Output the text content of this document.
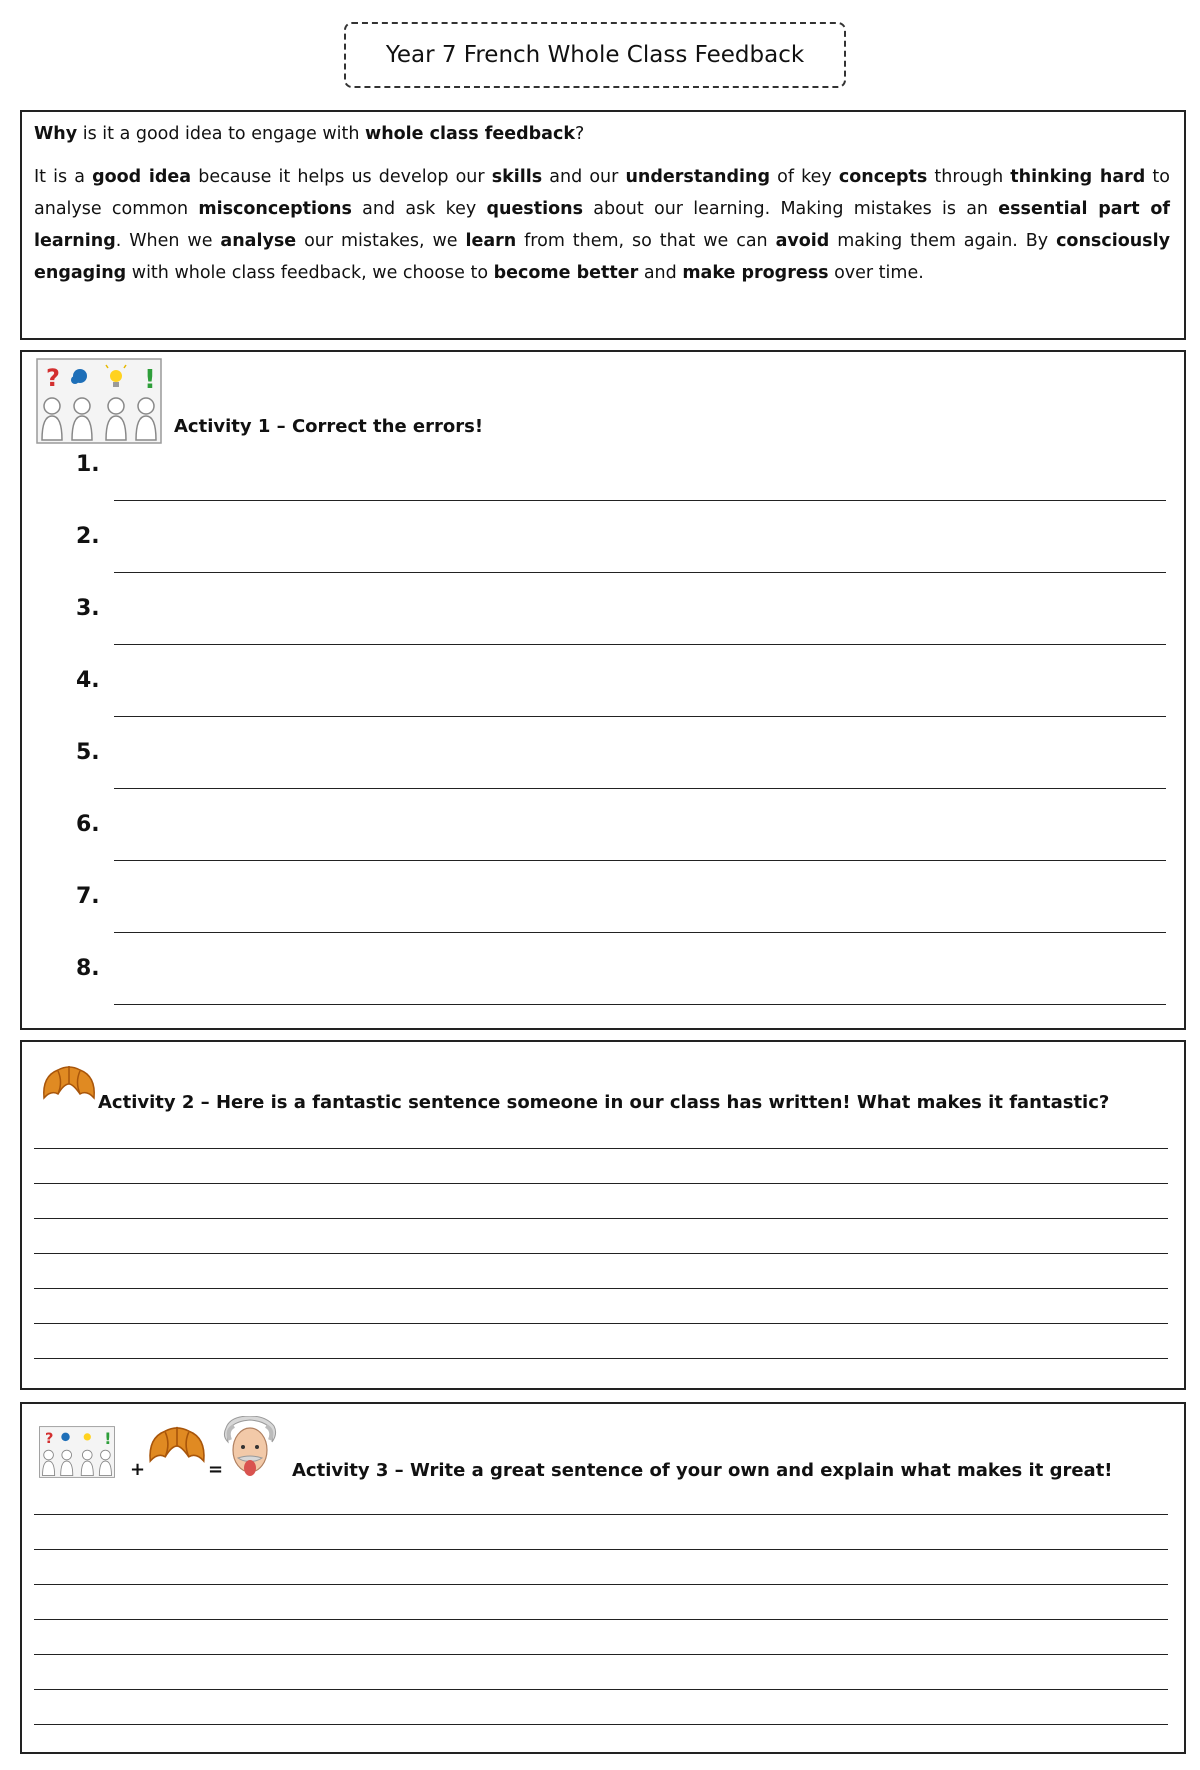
Year 7 French Whole Class Feedback

Why is it a good idea to engage with whole class feedback?

It is a good idea because it helps us develop our skills and our understanding of key concepts through thinking hard to analyse common misconceptions and ask key questions about our learning. Making mistakes is an essential part of learning. When we analyse our mistakes, we learn from them, so that we can avoid making them again. By consciously engaging with whole class feedback, we choose to become better and make progress over time.

?	!
Activity 1 – Correct the errors!
1.
2.
3.
4.
5.
6.
7.
8.
Activity 2 – Here is a fantastic sentence someone in our class has written! What makes it fantastic?
? !
+	=	Activity 3 – Write a great sentence of your own and explain what makes it great!
